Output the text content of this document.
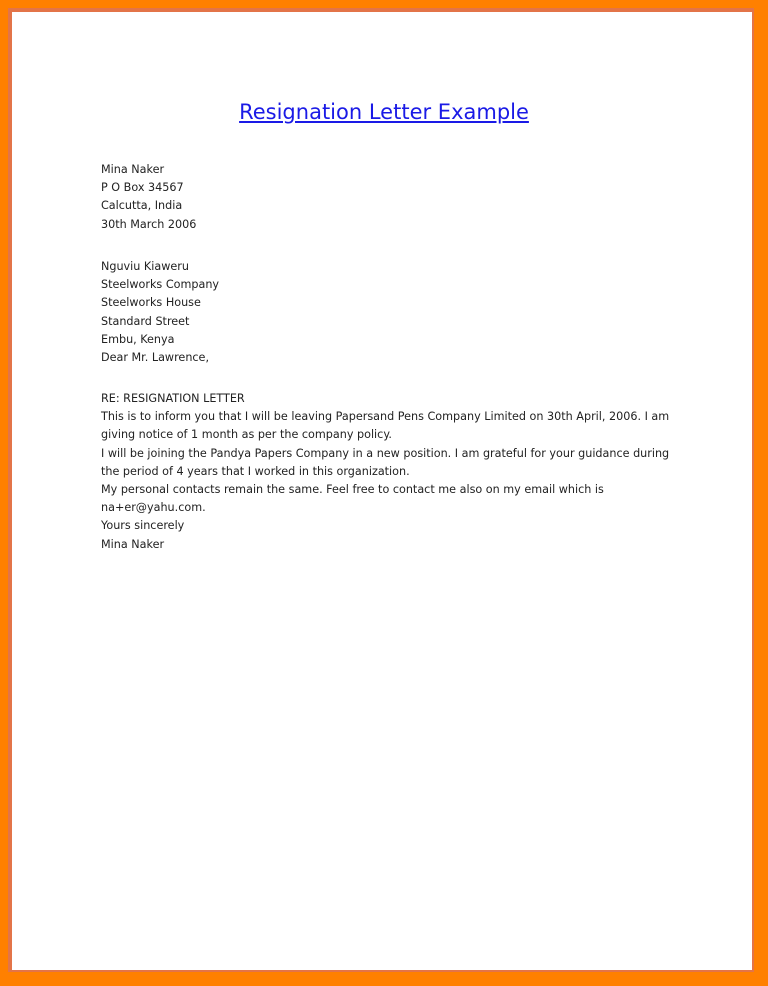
Resignation Letter Example
Mina Naker
P O Box 34567
Calcutta, India
30th March 2006
Nguviu Kiaweru
Steelworks Company
Steelworks House
Standard Street
Embu, Kenya
Dear Mr. Lawrence,
RE: RESIGNATION LETTER
This is to inform you that I will be leaving Papersand Pens Company Limited on 30th April, 2006. I am
giving notice of 1 month as per the company policy.
I will be joining the Pandya Papers Company in a new position. I am grateful for your guidance during
the period of 4 years that I worked in this organization.
My personal contacts remain the same. Feel free to contact me also on my email which is
na+er@yahu.com.
Yours sincerely
Mina Naker
